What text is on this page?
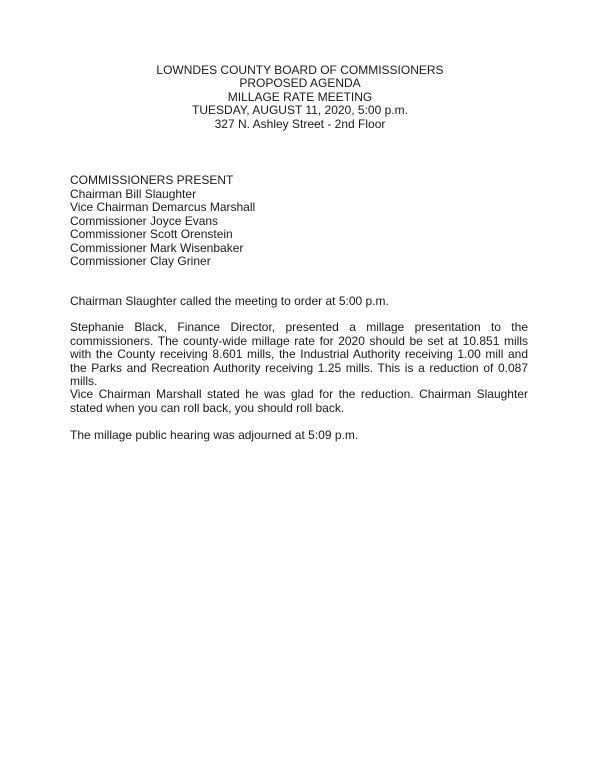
LOWNDES COUNTY BOARD OF COMMISSIONERS
PROPOSED AGENDA
MILLAGE RATE MEETING
TUESDAY, AUGUST 11, 2020, 5:00 p.m.
327 N. Ashley Street - 2nd Floor
COMMISSIONERS PRESENT
Chairman Bill Slaughter
Vice Chairman Demarcus Marshall
Commissioner Joyce Evans
Commissioner Scott Orenstein
Commissioner Mark Wisenbaker
Commissioner Clay Griner

Chairman Slaughter called the meeting to order at 5:00 p.m.

Stephanie Black, Finance Director, presented a millage presentation to the commissioners. The county-wide millage rate for 2020 should be set at 10.851 mills with the County receiving 8.601 mills, the Industrial Authority receiving 1.00 mill and the Parks and Recreation Authority receiving 1.25 mills. This is a reduction of 0.087 mills.

Vice Chairman Marshall stated he was glad for the reduction. Chairman Slaughter stated when you can roll back, you should roll back.

The millage public hearing was adjourned at 5:09 p.m.
